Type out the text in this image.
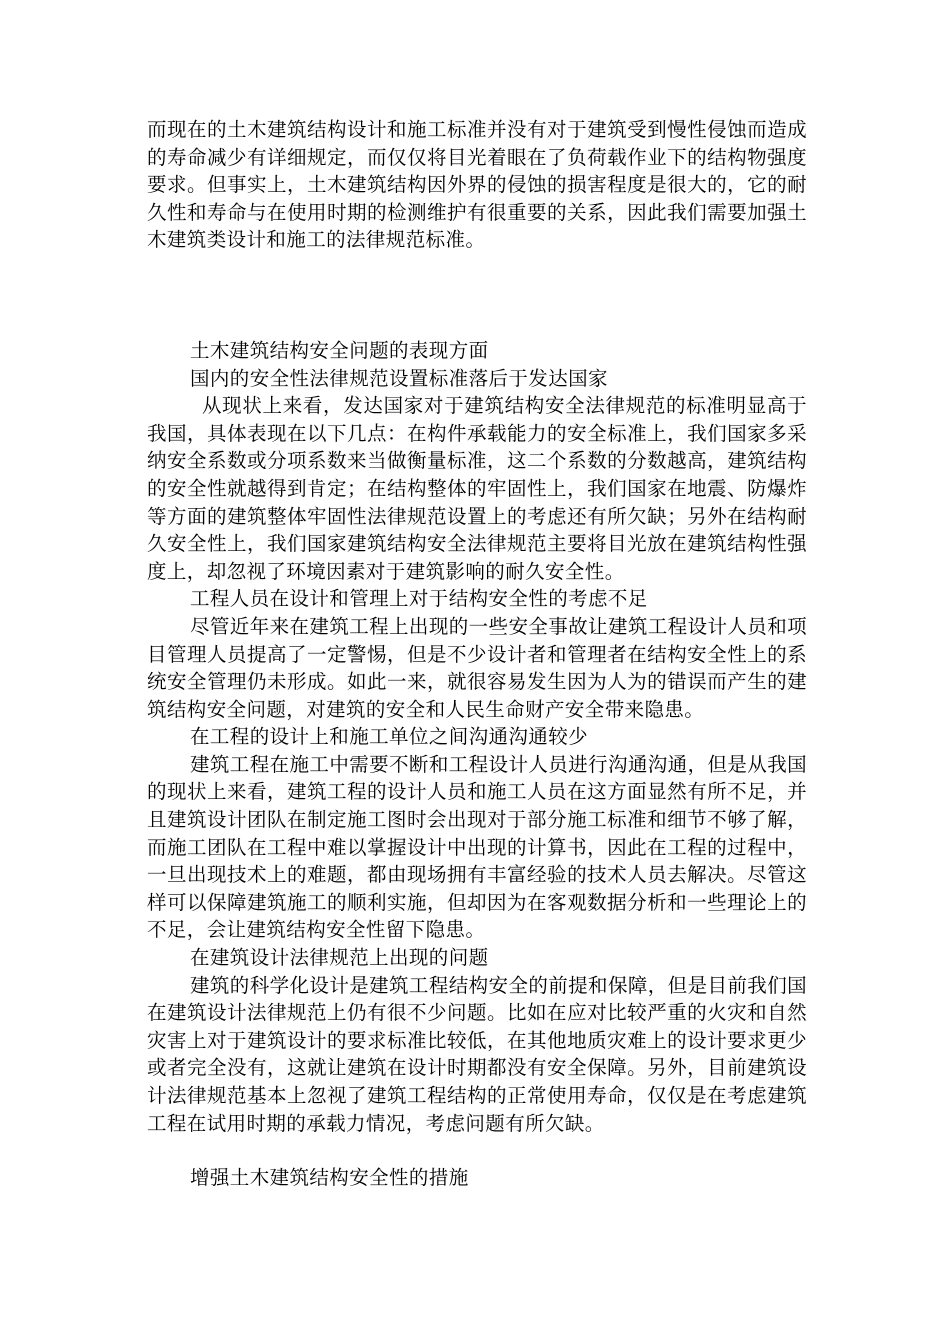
而现在的土木建筑结构设计和施工标准并没有对于建筑受到慢性侵蚀而造成的寿命减少有详细规定，而仅仅将目光着眼在了负荷载作业下的结构物强度要求。但事实上，土木建筑结构因外界的侵蚀的损害程度是很大的，它的耐久性和寿命与在使用时期的检测维护有很重要的关系，因此我们需要加强土木建筑类设计和施工的法律规范标准。

土木建筑结构安全问题的表现方面

国内的安全性法律规范设置标准落后于发达国家

从现状上来看，发达国家对于建筑结构安全法律规范的标准明显高于我国，具体表现在以下几点：在构件承载能力的安全标准上，我们国家多采纳安全系数或分项系数来当做衡量标准，这二个系数的分数越高，建筑结构的安全性就越得到肯定；在结构整体的牢固性上，我们国家在地震、防爆炸等方面的建筑整体牢固性法律规范设置上的考虑还有所欠缺；另外在结构耐久安全性上，我们国家建筑结构安全法律规范主要将目光放在建筑结构性强度上，却忽视了环境因素对于建筑影响的耐久安全性。

工程人员在设计和管理上对于结构安全性的考虑不足

尽管近年来在建筑工程上出现的一些安全事故让建筑工程设计人员和项目管理人员提高了一定警惕，但是不少设计者和管理者在结构安全性上的系统安全管理仍未形成。如此一来，就很容易发生因为人为的错误而产生的建筑结构安全问题，对建筑的安全和人民生命财产安全带来隐患。

在工程的设计上和施工单位之间沟通沟通较少

建筑工程在施工中需要不断和工程设计人员进行沟通沟通，但是从我国的现状上来看，建筑工程的设计人员和施工人员在这方面显然有所不足，并且建筑设计团队在制定施工图时会出现对于部分施工标准和细节不够了解，而施工团队在工程中难以掌握设计中出现的计算书，因此在工程的过程中，一旦出现技术上的难题，都由现场拥有丰富经验的技术人员去解决。尽管这样可以保障建筑施工的顺利实施，但却因为在客观数据分析和一些理论上的不足，会让建筑结构安全性留下隐患。

在建筑设计法律规范上出现的问题

建筑的科学化设计是建筑工程结构安全的前提和保障，但是目前我们国在建筑设计法律规范上仍有很不少问题。比如在应对比较严重的火灾和自然灾害上对于建筑设计的要求标准比较低，在其他地质灾难上的设计要求更少或者完全没有，这就让建筑在设计时期都没有安全保障。另外，目前建筑设计法律规范基本上忽视了建筑工程结构的正常使用寿命，仅仅是在考虑建筑工程在试用时期的承载力情况，考虑问题有所欠缺。

增强土木建筑结构安全性的措施
